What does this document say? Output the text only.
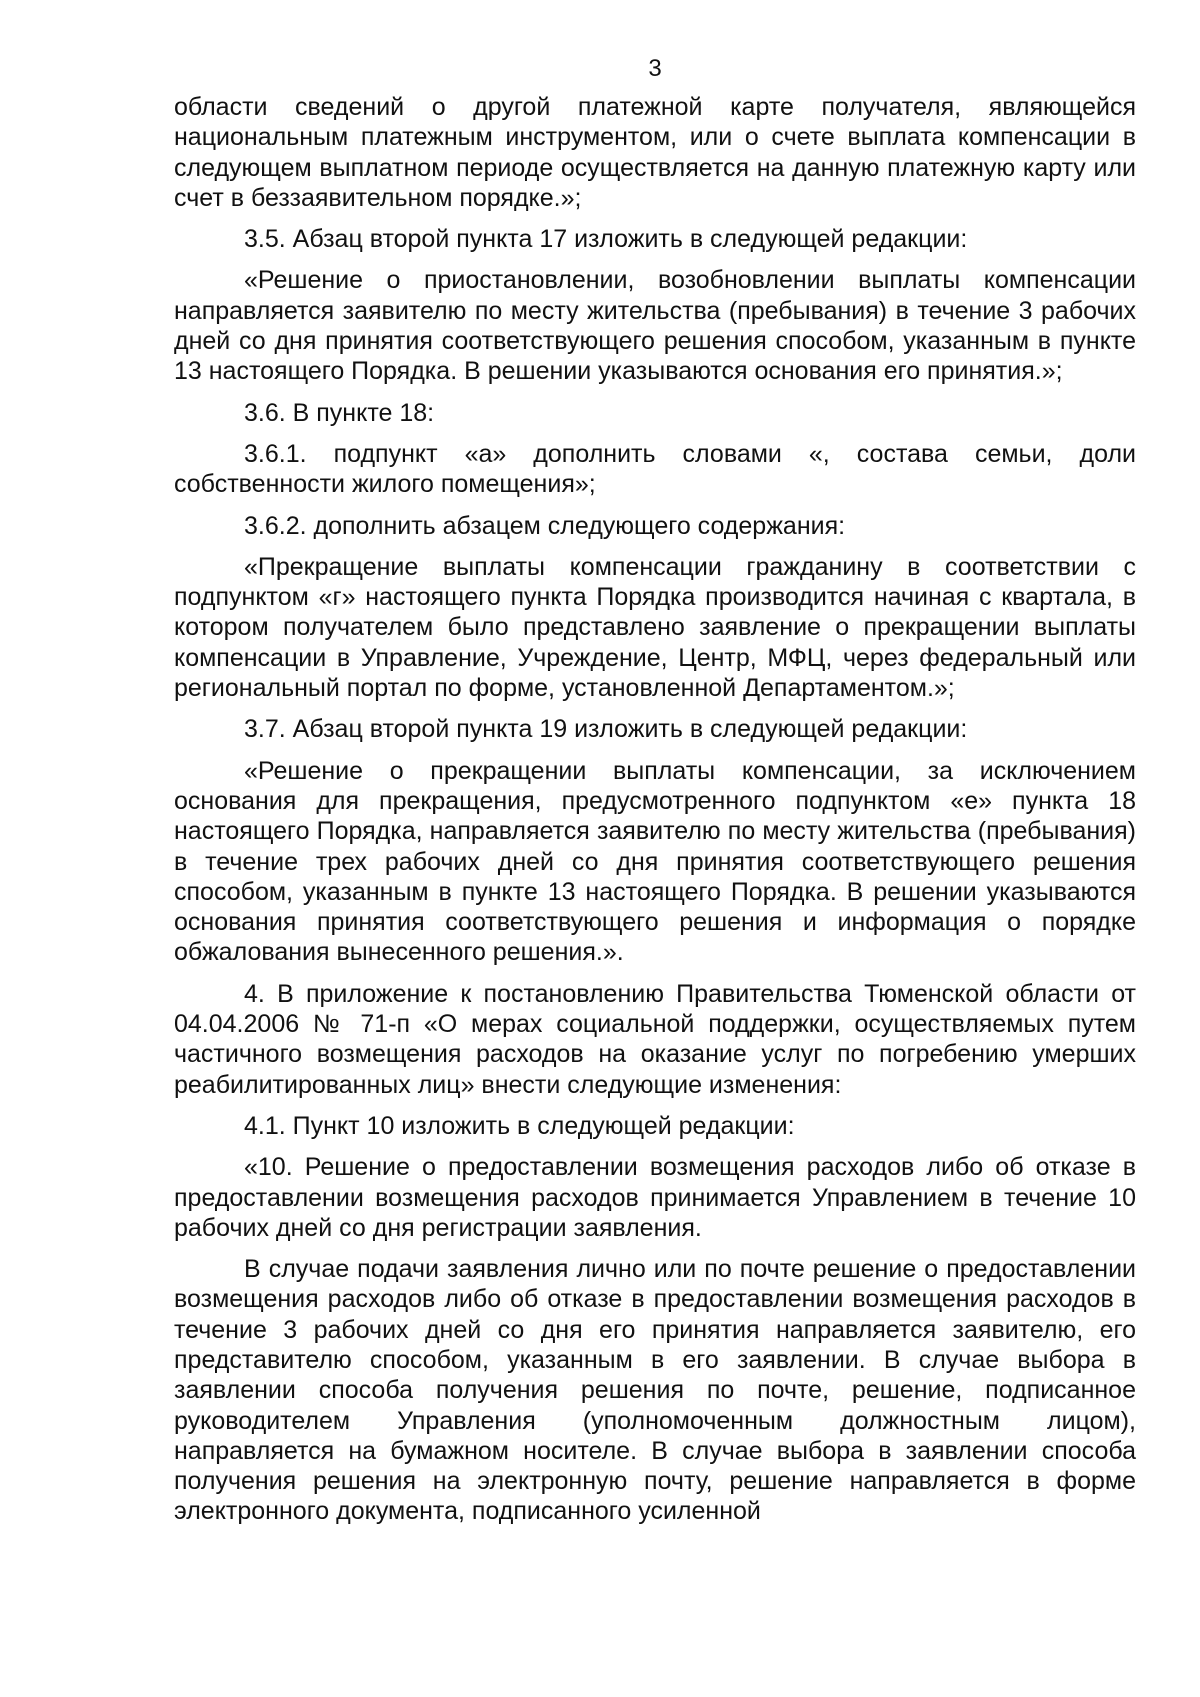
3

области сведений о другой платежной карте получателя, являющейся национальным платежным инструментом, или о счете выплата компенсации в следующем выплатном периоде осуществляется на данную платежную карту или счет в беззаявительном порядке.»;

3.5. Абзац второй пункта 17 изложить в следующей редакции:

«Решение о приостановлении, возобновлении выплаты компенсации направляется заявителю по месту жительства (пребывания) в течение 3 рабочих дней со дня принятия соответствующего решения способом, указанным в пункте 13 настоящего Порядка. В решении указываются основания его принятия.»;

3.6. В пункте 18:

3.6.1. подпункт «а» дополнить словами «, состава семьи, доли собственности жилого помещения»;

3.6.2. дополнить абзацем следующего содержания:

«Прекращение выплаты компенсации гражданину в соответствии с подпунктом «г» настоящего пункта Порядка производится начиная с квартала, в котором получателем было представлено заявление о прекращении выплаты компенсации в Управление, Учреждение, Центр, МФЦ, через федеральный или региональный портал по форме, установленной Департаментом.»;

3.7. Абзац второй пункта 19 изложить в следующей редакции:

«Решение о прекращении выплаты компенсации, за исключением основания для прекращения, предусмотренного подпунктом «е» пункта 18 настоящего Порядка, направляется заявителю по месту жительства (пребывания) в течение трех рабочих дней со дня принятия соответствующего решения способом, указанным в пункте 13 настоящего Порядка. В решении указываются основания принятия соответствующего решения и информация о порядке обжалования вынесенного решения.».

4. В приложение к постановлению Правительства Тюменской области от 04.04.2006 № 71-п «О мерах социальной поддержки, осуществляемых путем частичного возмещения расходов на оказание услуг по погребению умерших реабилитированных лиц» внести следующие изменения:

4.1. Пункт 10 изложить в следующей редакции:

«10. Решение о предоставлении возмещения расходов либо об отказе в предоставлении возмещения расходов принимается Управлением в течение 10 рабочих дней со дня регистрации заявления.

В случае подачи заявления лично или по почте решение о предоставлении возмещения расходов либо об отказе в предоставлении возмещения расходов в течение 3 рабочих дней со дня его принятия направляется заявителю, его представителю способом, указанным в его заявлении. В случае выбора в заявлении способа получения решения по почте, решение, подписанное руководителем Управления (уполномоченным должностным лицом), направляется на бумажном носителе. В случае выбора в заявлении способа получения решения на электронную почту, решение направляется в форме электронного документа, подписанного усиленной
